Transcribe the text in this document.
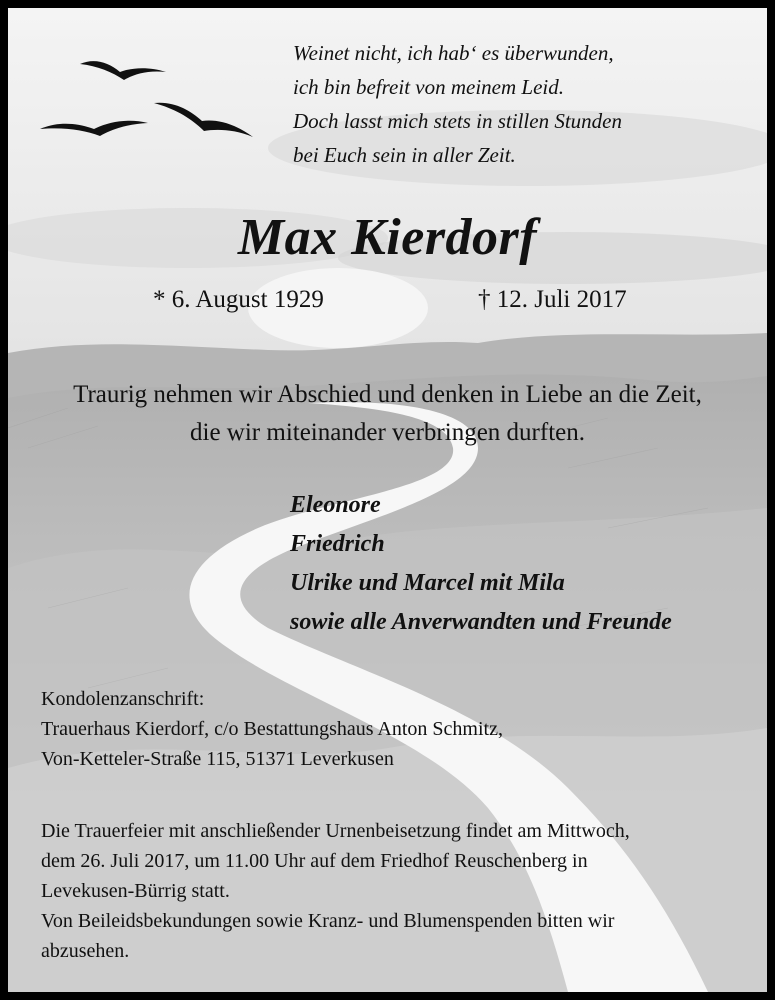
Weinet nicht, ich hab‘ es überwunden,
ich bin befreit von meinem Leid.
Doch lasst mich stets in stillen Stunden
bei Euch sein in aller Zeit.
Max Kierdorf
* 6. August 1929	† 12. Juli 2017
Traurig nehmen wir Abschied und denken in Liebe an die Zeit,
die wir miteinander verbringen durften.
Eleonore
Friedrich
Ulrike und Marcel mit Mila
sowie alle Anverwandten und Freunde
Kondolenzanschrift:
Trauerhaus Kierdorf, c/o Bestattungshaus Anton Schmitz,
Von-Ketteler-Straße 115, 51371 Leverkusen
Die Trauerfeier mit anschließender Urnenbeisetzung findet am Mittwoch,
dem 26. Juli 2017, um 11.00 Uhr auf dem Friedhof Reuschenberg in
Levekusen-Bürrig statt.
Von Beileidsbekundungen sowie Kranz- und Blumenspenden bitten wir
abzusehen.
